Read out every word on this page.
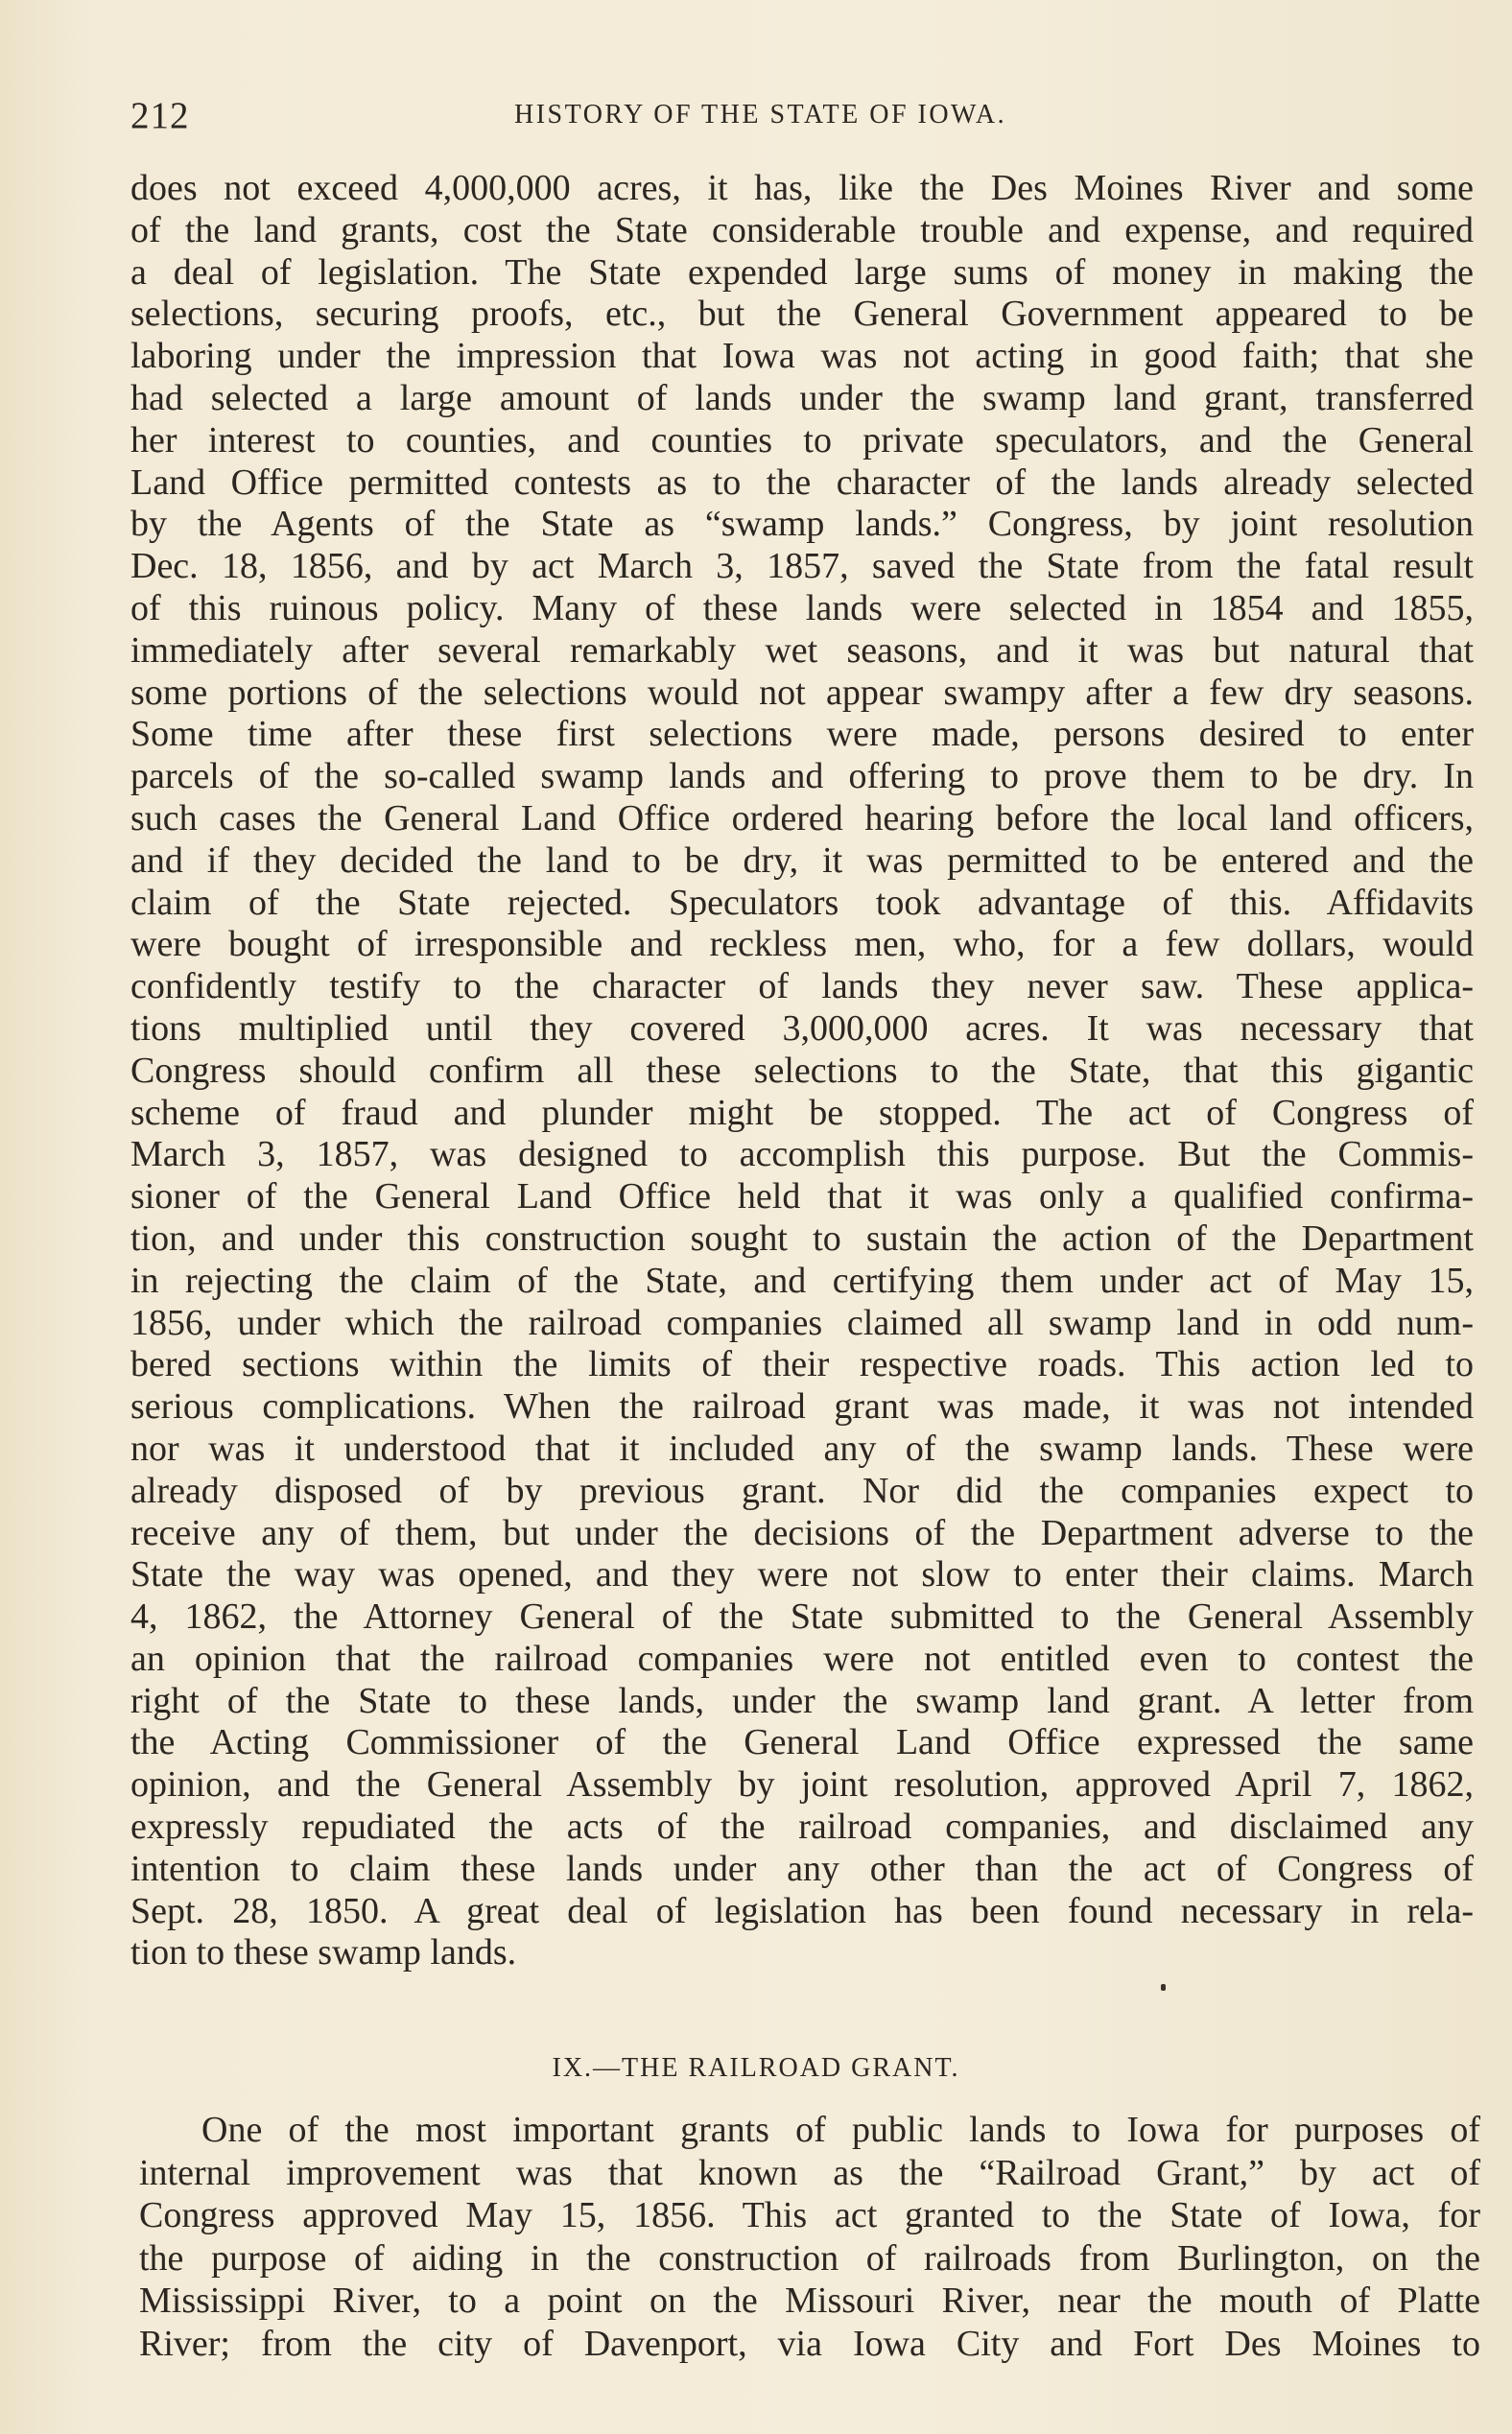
212	HISTORY OF THE STATE OF IOWA.
does not exceed 4,000,000 acres, it has, like the Des Moines River and some
of the land grants, cost the State considerable trouble and expense, and required
a deal of legislation. The State expended large sums of money in making the
selections, securing proofs, etc., but the General Government appeared to be
laboring under the impression that Iowa was not acting in good faith; that she
had selected a large amount of lands under the swamp land grant, transferred
her interest to counties, and counties to private speculators, and the General
Land Office permitted contests as to the character of the lands already selected
by the Agents of the State as “swamp lands.” Congress, by joint resolution
Dec. 18, 1856, and by act March 3, 1857, saved the State from the fatal result
of this ruinous policy. Many of these lands were selected in 1854 and 1855,
immediately after several remarkably wet seasons, and it was but natural that
some portions of the selections would not appear swampy after a few dry seasons.
Some time after these first selections were made, persons desired to enter
parcels of the so-called swamp lands and offering to prove them to be dry. In
such cases the General Land Office ordered hearing before the local land officers,
and if they decided the land to be dry, it was permitted to be entered and the
claim of the State rejected. Speculators took advantage of this. Affidavits
were bought of irresponsible and reckless men, who, for a few dollars, would
confidently testify to the character of lands they never saw. These applica-
tions multiplied until they covered 3,000,000 acres. It was necessary that
Congress should confirm all these selections to the State, that this gigantic
scheme of fraud and plunder might be stopped. The act of Congress of
March 3, 1857, was designed to accomplish this purpose. But the Commis-
sioner of the General Land Office held that it was only a qualified confirma-
tion, and under this construction sought to sustain the action of the Department
in rejecting the claim of the State, and certifying them under act of May 15,
1856, under which the railroad companies claimed all swamp land in odd num-
bered sections within the limits of their respective roads. This action led to
serious complications. When the railroad grant was made, it was not intended
nor was it understood that it included any of the swamp lands. These were
already disposed of by previous grant. Nor did the companies expect to
receive any of them, but under the decisions of the Department adverse to the
State the way was opened, and they were not slow to enter their claims. March
4, 1862, the Attorney General of the State submitted to the General Assembly
an opinion that the railroad companies were not entitled even to contest the
right of the State to these lands, under the swamp land grant. A letter from
the Acting Commissioner of the General Land Office expressed the same
opinion, and the General Assembly by joint resolution, approved April 7, 1862,
expressly repudiated the acts of the railroad companies, and disclaimed any
intention to claim these lands under any other than the act of Congress of
Sept. 28, 1850. A great deal of legislation has been found necessary in rela-
tion to these swamp lands.
IX.—THE RAILROAD GRANT.
One of the most important grants of public lands to Iowa for purposes of
internal improvement was that known as the “Railroad Grant,” by act of
Congress approved May 15, 1856. This act granted to the State of Iowa, for
the purpose of aiding in the construction of railroads from Burlington, on the
Mississippi River, to a point on the Missouri River, near the mouth of Platte
River; from the city of Davenport, via Iowa City and Fort Des Moines to
